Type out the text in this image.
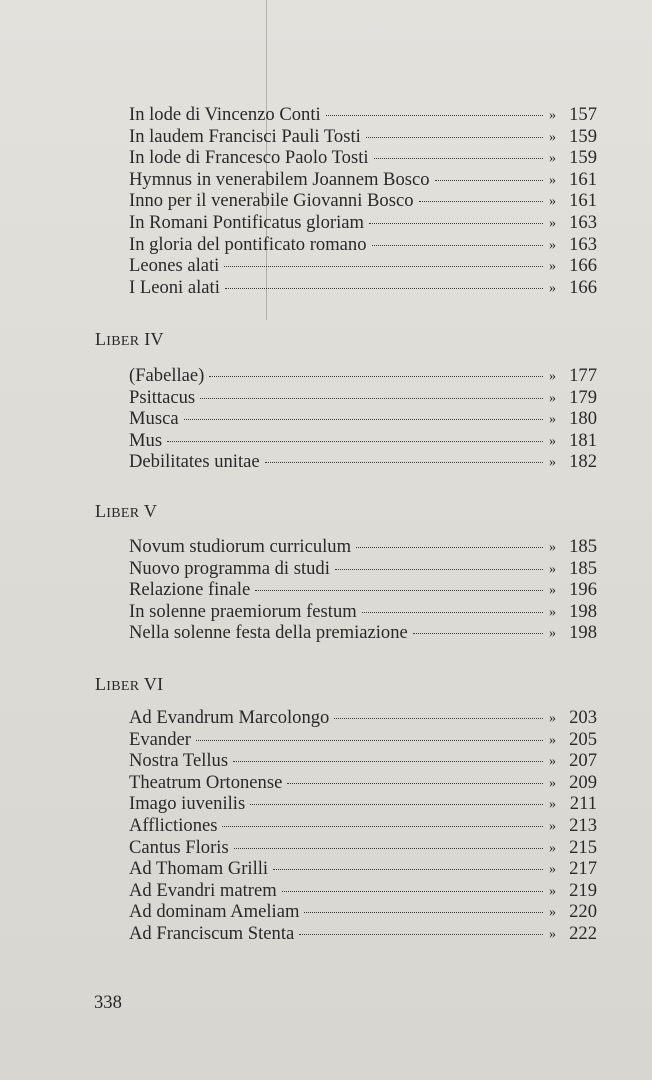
In lode di Vincenzo Conti	» 157
In laudem Francisci Pauli Tosti	» 159
In lode di Francesco Paolo Tosti	» 159
Hymnus in venerabilem Joannem Bosco	» 161
Inno per il venerabile Giovanni Bosco	» 161
In Romani Pontificatus gloriam	» 163
In gloria del pontificato romano	» 163
Leones alati	» 166
I Leoni alati	» 166
LIBER IV
(Fabellae)	» 177
Psittacus	» 179
Musca	» 180
Mus	» 181
Debilitates unitae	» 182
LIBER V
Novum studiorum curriculum	» 185
Nuovo programma di studi	» 185
Relazione finale	» 196
In solenne praemiorum festum	» 198
Nella solenne festa della premiazione	» 198
LIBER VI
Ad Evandrum Marcolongo	» 203
Evander	» 205
Nostra Tellus	» 207
Theatrum Ortonense	» 209
Imago iuvenilis	» 211
Afflictiones	» 213
Cantus Floris	» 215
Ad Thomam Grilli	» 217
Ad Evandri matrem	» 219
Ad dominam Ameliam	» 220
Ad Franciscum Stenta	» 222
338
